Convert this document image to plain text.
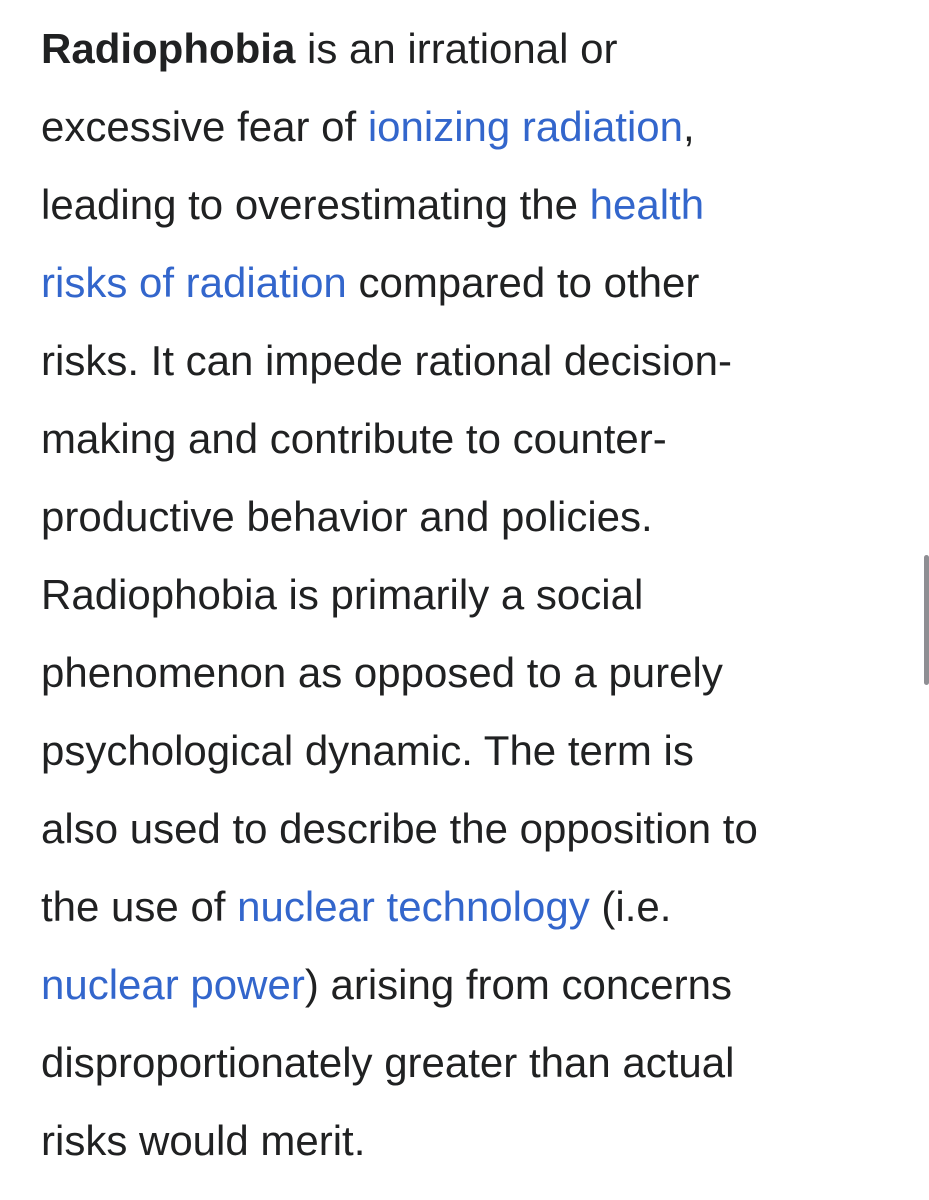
Radiophobia is an irrational or
excessive fear of ionizing radiation,
leading to overestimating the health
risks of radiation compared to other
risks. It can impede rational decision-
making and contribute to counter-
productive behavior and policies.
Radiophobia is primarily a social
phenomenon as opposed to a purely
psychological dynamic. The term is
also used to describe the opposition to
the use of nuclear technology (i.e.
nuclear power) arising from concerns
disproportionately greater than actual
risks would merit.
